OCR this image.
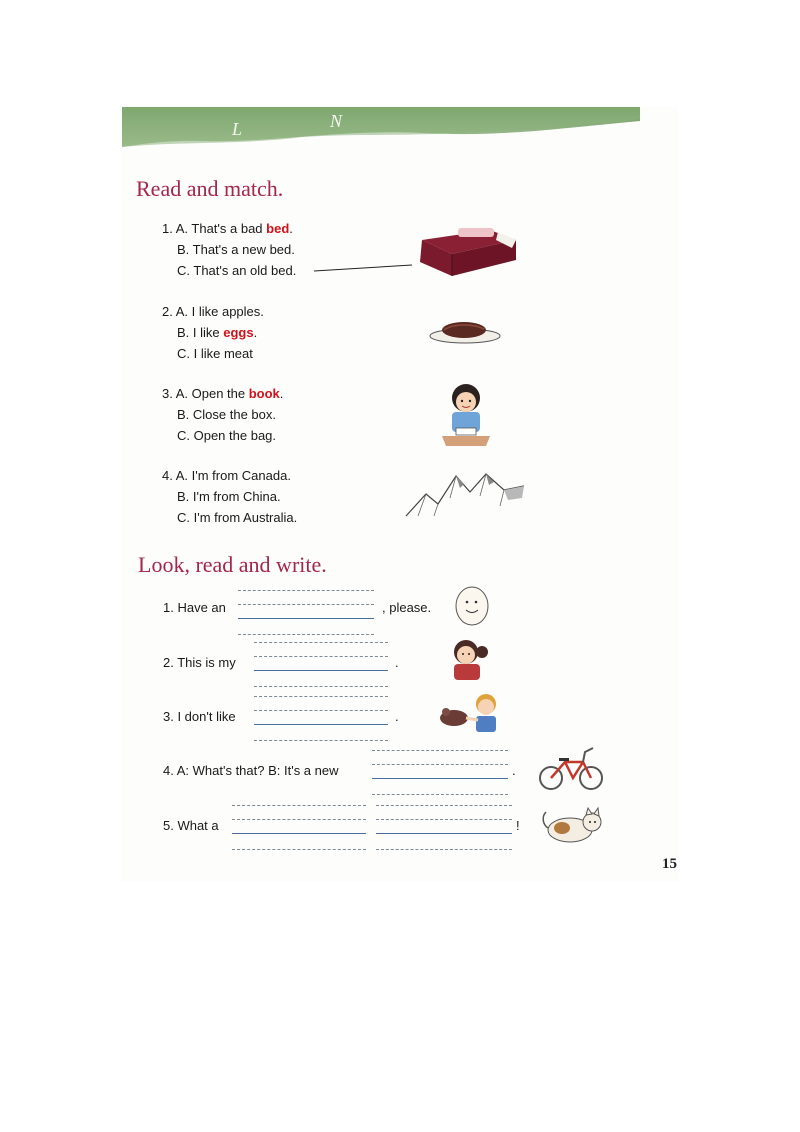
L	N
Read and match.
1. A. That's a bad bed.
B. That's a new bed.
C. That's an old bed.
2. A. I like apples.
B. I like eggs.
C. I like meat
3. A. Open the book.
B. Close the box.
C. Open the bag.
4. A. I'm from Canada.
B. I'm from China.
C. I'm from Australia.
Look, read and write.
1. Have an	, please.
2. This is my	.
3. I don't like	.
4. A: What's that? B: It's a new	.
5. What a	!
15
